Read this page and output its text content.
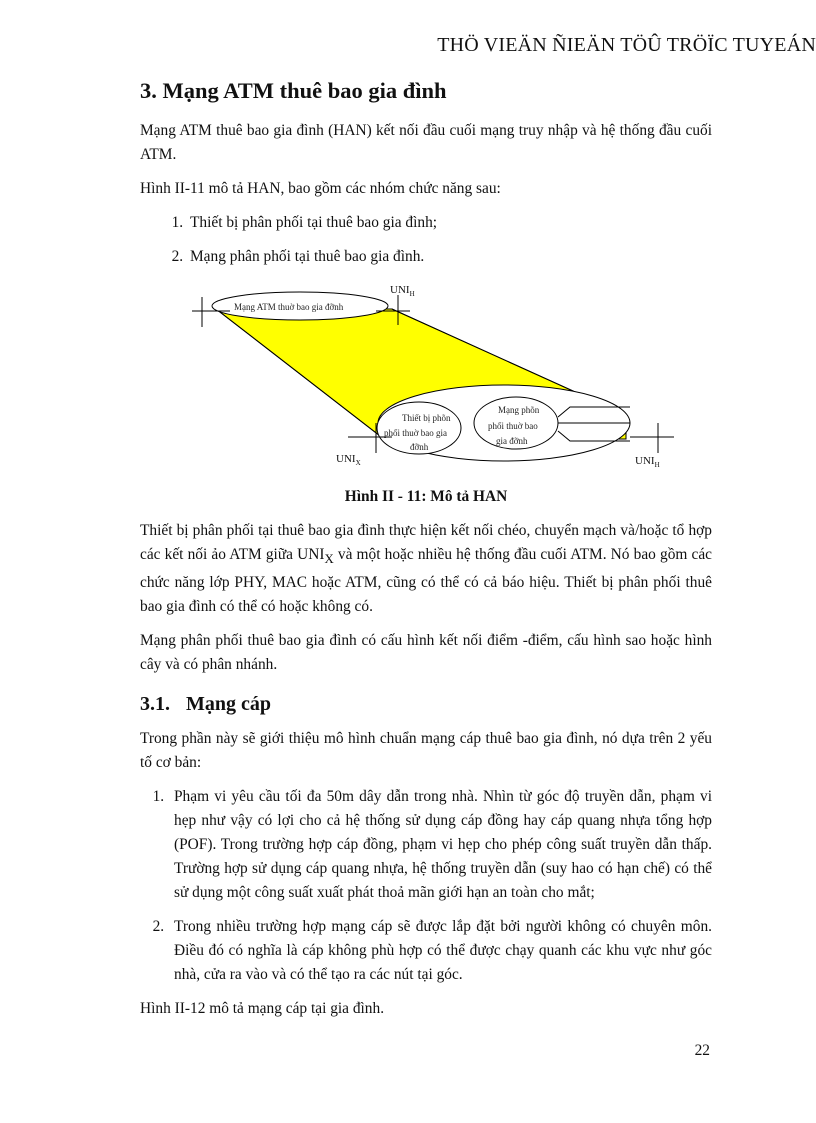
THÖ VIEÄN ÑIEÄN TÖÛ TRÖÏC TUYEÁN
3. Mạng ATM thuê bao gia đình

Mạng ATM thuê bao gia đình (HAN) kết nối đầu cuối mạng truy nhập và hệ thống đầu cuối ATM.

Hình II-11 mô tả HAN, bao gồm các nhóm chức năng sau:

1. Thiết bị phân phối tại thuê bao gia đình;
2. Mạng phân phối tại thuê bao gia đình.
Mạng ATM thuờ bao gia đỡnh
$UNI_H$
Thiết bị phõn
phối thuờ bao gia
đỡnh
Mạng phõn
phối thuờ bao
gia đỡnh
$UNI_X$	$UNI_H$
Hình II - 11: Mô tả HAN

Thiết bị phân phối tại thuê bao gia đình thực hiện kết nối chéo, chuyển mạch và/hoặc tổ hợp các kết nối ảo ATM giữa $UNI_X$ và một hoặc nhiều hệ thống đầu cuối ATM. Nó bao gồm các chức năng lớp PHY, MAC hoặc ATM, cũng có thể có cả báo hiệu. Thiết bị phân phối thuê bao gia đình có thể có hoặc không có.

Mạng phân phối thuê bao gia đình có cấu hình kết nối điểm -điểm, cấu hình sao hoặc hình cây và có phân nhánh.

3.1. Mạng cáp

Trong phần này sẽ giới thiệu mô hình chuẩn mạng cáp thuê bao gia đình, nó dựa trên 2 yếu tố cơ bản:

1. Phạm vi yêu cầu tối đa 50m dây dẫn trong nhà. Nhìn từ góc độ truyền dẫn, phạm vi hẹp như vậy có lợi cho cả hệ thống sử dụng cáp đồng hay cáp quang nhựa tổng hợp (POF). Trong trường hợp cáp đồng, phạm vi hẹp cho phép công suất truyền dẫn thấp. Trường hợp sử dụng cáp quang nhựa, hệ thống truyền dẫn (suy hao có hạn chế) có thể sử dụng một công suất xuất phát thoả mãn giới hạn an toàn cho mắt;
2. Trong nhiều trường hợp mạng cáp sẽ được lắp đặt bởi người không có chuyên môn. Điều đó có nghĩa là cáp không phù hợp có thể được chạy quanh các khu vực như góc nhà, cửa ra vào và có thể tạo ra các nút tại góc.

Hình II-12 mô tả mạng cáp tại gia đình.

22
